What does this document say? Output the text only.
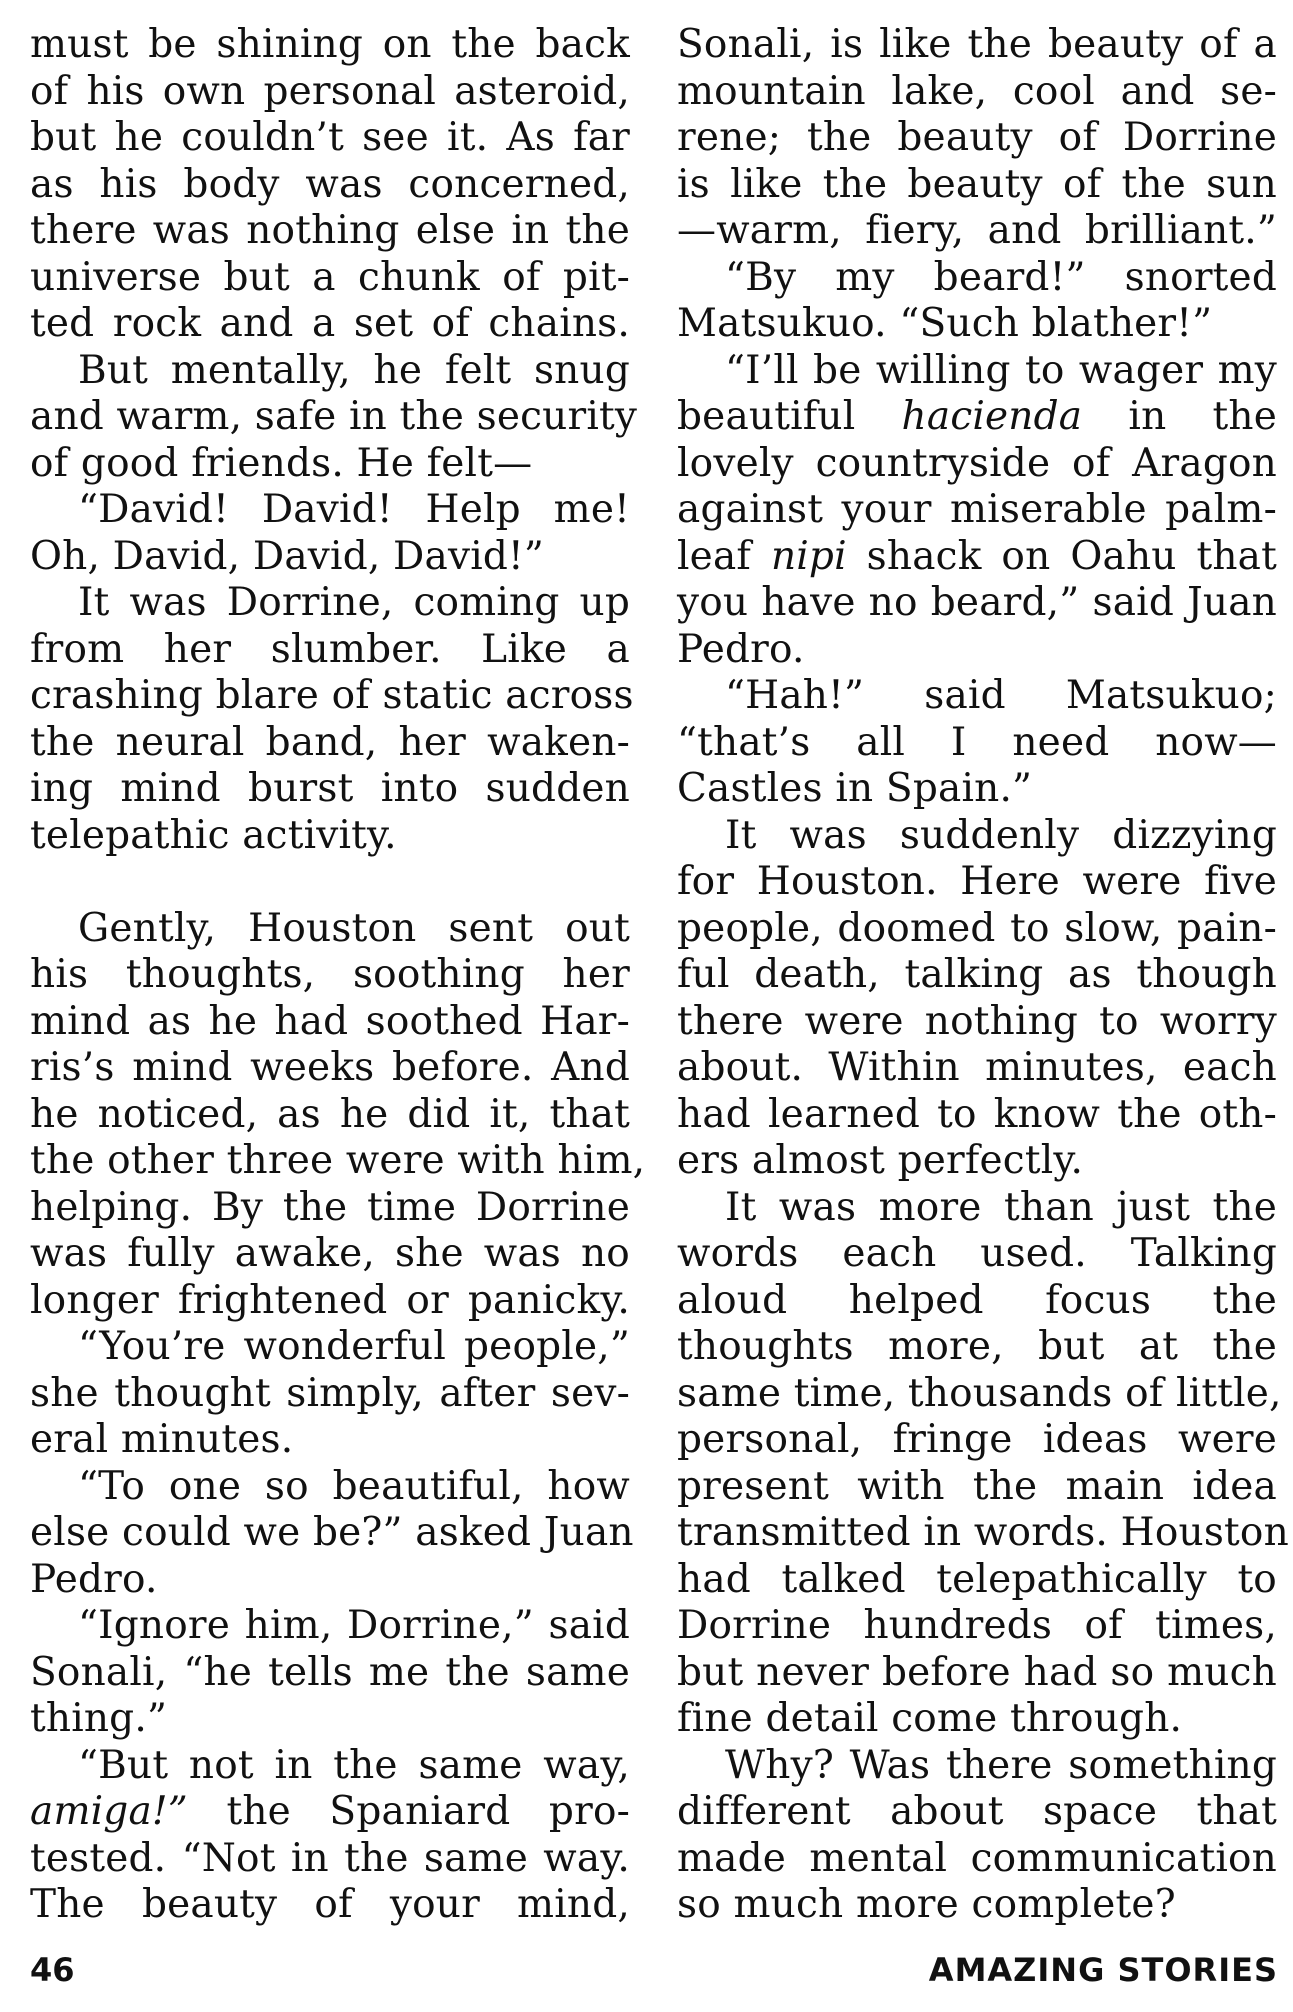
must be shining on the back
of his own personal asteroid,
but he couldn’t see it. As far
as his body was concerned,
there was nothing else in the
universe but a chunk of pit-
ted rock and a set of chains.
But mentally, he felt snug
and warm, safe in the security
of good friends. He felt—
“David! David! Help me!
Oh, David, David, David!”
It was Dorrine, coming up
from her slumber. Like a
crashing blare of static across
the neural band, her waken-
ing mind burst into sudden
telepathic activity.
Gently, Houston sent out
his thoughts, soothing her
mind as he had soothed Har-
ris’s mind weeks before. And
he noticed, as he did it, that
the other three were with him,
helping. By the time Dorrine
was fully awake, she was no
longer frightened or panicky.
“You’re wonderful people,”
she thought simply, after sev-
eral minutes.
“To one so beautiful, how
else could we be?” asked Juan
Pedro.
“Ignore him, Dorrine,” said
Sonali, “he tells me the same
thing.”
“But not in the same way,
amiga!” the Spaniard pro-
tested. “Not in the same way.
The beauty of your mind,
Sonali, is like the beauty of a
mountain lake, cool and se-
rene; the beauty of Dorrine
is like the beauty of the sun
—warm, fiery, and brilliant.”
“By my beard!” snorted
Matsukuo. “Such blather!”
“I’ll be willing to wager my
beautiful hacienda in the
lovely countryside of Aragon
against your miserable palm-
leaf nipi shack on Oahu that
you have no beard,” said Juan
Pedro.
“Hah!” said Matsukuo;
“that’s all I need now—
Castles in Spain.”
It was suddenly dizzying
for Houston. Here were five
people, doomed to slow, pain-
ful death, talking as though
there were nothing to worry
about. Within minutes, each
had learned to know the oth-
ers almost perfectly.
It was more than just the
words each used. Talking
aloud helped focus the
thoughts more, but at the
same time, thousands of little,
personal, fringe ideas were
present with the main idea
transmitted in words. Houston
had talked telepathically to
Dorrine hundreds of times,
but never before had so much
fine detail come through.
Why? Was there something
different about space that
made mental communication
so much more complete?
46	AMAZING STORIES
